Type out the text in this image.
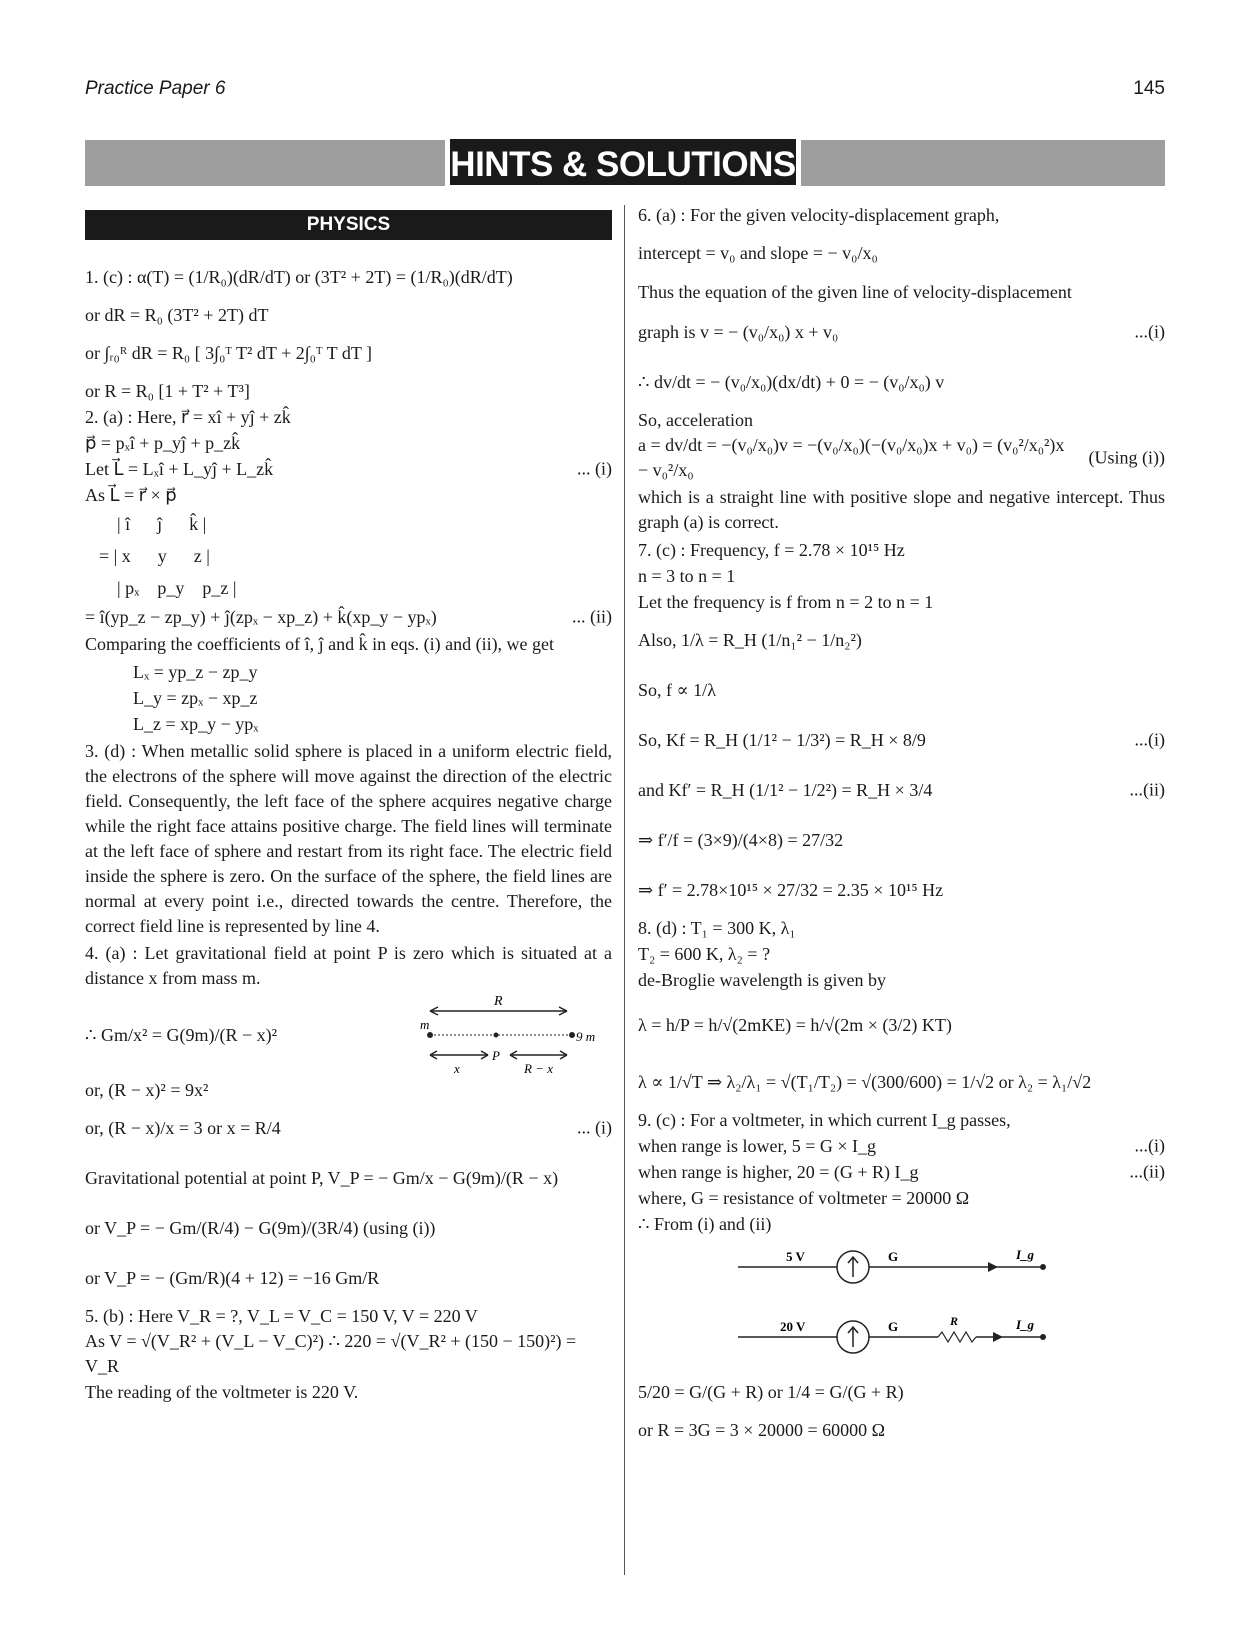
Practice Paper 6	145
HINTS & SOLUTIONS
PHYSICS
1. (c) : α(T) = (1/R₀)(dR/dT) or (3T² + 2T) = (1/R₀)(dR/dT)
or dR = R₀ (3T² + 2T) dT
or ∫ᵣ₀ᴿ dR = R₀ [ 3∫₀ᵀ T² dT + 2∫₀ᵀ T dT ]
or R = R₀ [1 + T² + T³]
2. (a) : Here, r⃗ = xî + yĵ + zk̂
p⃗ = pₓî + p_yĵ + p_zk̂
Let L⃗ = Lₓî + L_yĵ + L_zk̂	... (i)
As L⃗ = r⃗ × p⃗
| î      ĵ      k̂ |
= | x      y      z |
| pₓ    p_y    p_z |
= î(yp_z − zp_y) + ĵ(zpₓ − xp_z) + k̂(xp_y − ypₓ)	... (ii)
Comparing the coefficients of î, ĵ and k̂ in eqs. (i) and (ii), we get
Lₓ = yp_z − zp_y
L_y = zpₓ − xp_z
L_z = xp_y − ypₓ
3. (d) : When metallic solid sphere is placed in a uniform electric field, the electrons of the sphere will move against the direction of the electric field. Consequently, the left face of the sphere acquires negative charge while the right face attains positive charge. The field lines will terminate at the left face of sphere and restart from its right face. The electric field inside the sphere is zero. On the surface of the sphere, the field lines are normal at every point i.e., directed towards the centre. Therefore, the correct field line is represented by line 4.
4. (a) : Let gravitational field at point P is zero which is situated at a distance x from mass m.
∴ Gm/x² = G(9m)/(R − x)²
R
m
9 m
P
x	R − x
or, (R − x)² = 9x²
or, (R − x)/x = 3 or x = R/4	... (i)
Gravitational potential at point P, V_P = − Gm/x − G(9m)/(R − x)
or V_P = − Gm/(R/4) − G(9m)/(3R/4) (using (i))
or V_P = − (Gm/R)(4 + 12) = −16 Gm/R
5. (b) : Here V_R = ?, V_L = V_C = 150 V, V = 220 V
As V = √(V_R² + (V_L − V_C)²) ∴ 220 = √(V_R² + (150 − 150)²) = V_R
The reading of the voltmeter is 220 V.
6. (a) : For the given velocity-displacement graph,
intercept = v₀ and slope = − v₀/x₀
Thus the equation of the given line of velocity-displacement
graph is v = − (v₀/x₀) x + v₀	...(i)
∴ dv/dt = − (v₀/x₀)(dx/dt) + 0 = − (v₀/x₀) v
So, acceleration
a = dv/dt = −(v₀/x₀)v = −(v₀/x₀)(−(v₀/x₀)x + v₀) = (v₀²/x₀²)x − v₀²/x₀
(Using (i))
which is a straight line with positive slope and negative intercept. Thus graph (a) is correct.
7. (c) : Frequency, f = 2.78 × 10¹⁵ Hz
n = 3 to n = 1
Let the frequency is f from n = 2 to n = 1
Also, 1/λ = R_H (1/n₁² − 1/n₂²)
So, f ∝ 1/λ
So, Kf = R_H (1/1² − 1/3²) = R_H × 8/9	...(i)
and Kf′ = R_H (1/1² − 1/2²) = R_H × 3/4	...(ii)
⇒ f′/f = (3×9)/(4×8) = 27/32
⇒ f′ = 2.78×10¹⁵ × 27/32 = 2.35 × 10¹⁵ Hz
8. (d) : T₁ = 300 K, λ₁
T₂ = 600 K, λ₂ = ?
de-Broglie wavelength is given by
λ = h/P = h/√(2mKE) = h/√(2m × (3/2) KT)
λ ∝ 1/√T ⇒ λ₂/λ₁ = √(T₁/T₂) = √(300/600) = 1/√2 or λ₂ = λ₁/√2
9. (c) : For a voltmeter, in which current I_g passes,
when range is lower, 5 = G × I_g	...(i)
when range is higher, 20 = (G + R) I_g	...(ii)
where, G = resistance of voltmeter = 20000 Ω
∴ From (i) and (ii)
5 V	G	I_g
20 V	G	R	I_g
5/20 = G/(G + R) or 1/4 = G/(G + R)
or R = 3G = 3 × 20000 = 60000 Ω
